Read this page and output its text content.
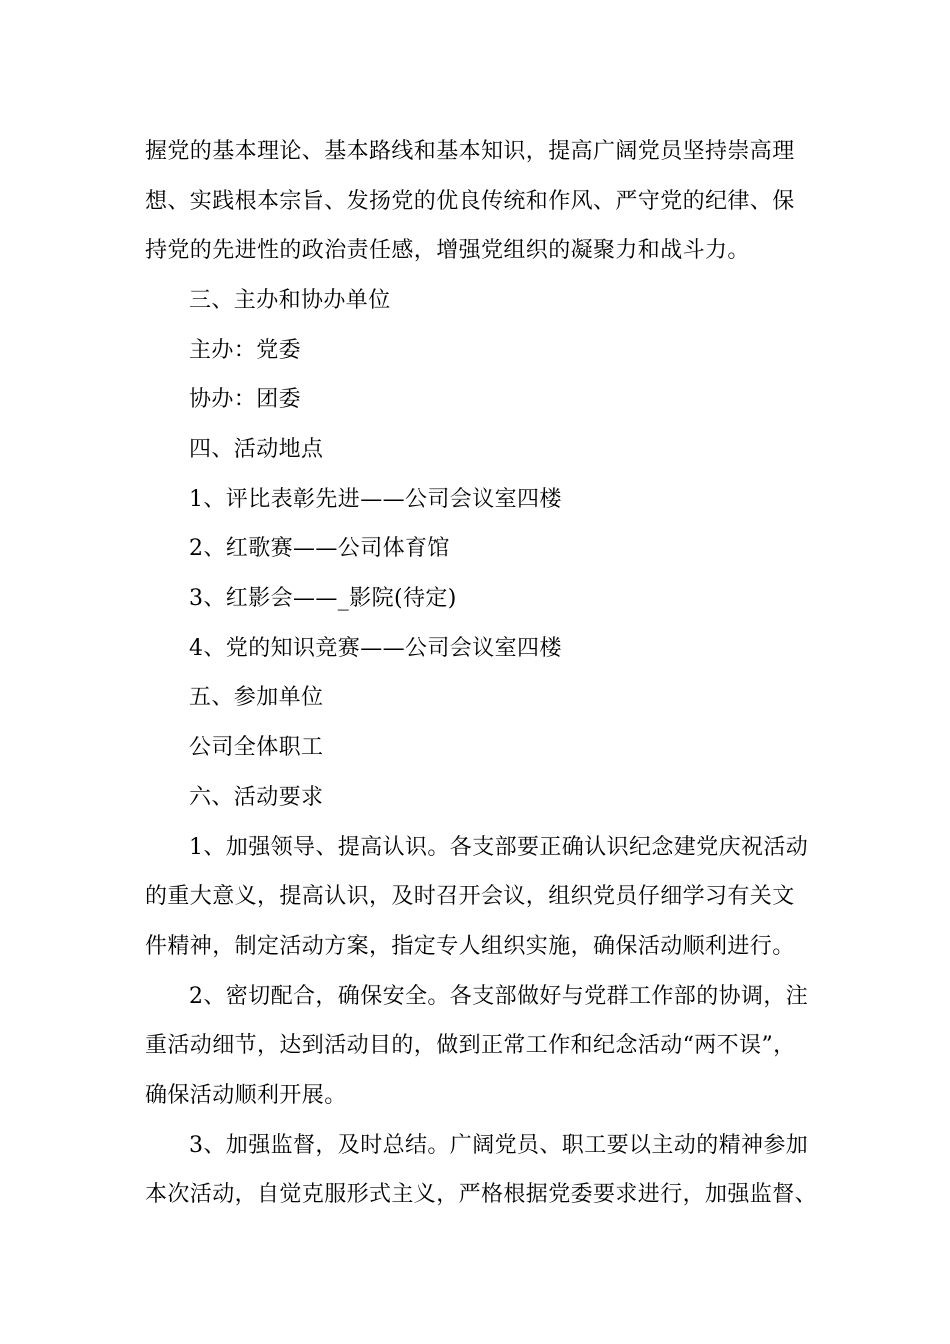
握党的基本理论、基本路线和基本知识，提高广阔党员坚持崇高理
想、实践根本宗旨、发扬党的优良传统和作风、严守党的纪律、保
持党的先进性的政治责任感，增强党组织的凝聚力和战斗力。
三、主办和协办单位
主办：党委
协办：团委
四、活动地点
1、评比表彰先进——公司会议室四楼
2、红歌赛——公司体育馆
3、红影会——_影院(待定)
4、党的知识竞赛——公司会议室四楼
五、参加单位
公司全体职工
六、活动要求
1、加强领导、提高认识。各支部要正确认识纪念建党庆祝活动
的重大意义，提高认识，及时召开会议，组织党员仔细学习有关文
件精神，制定活动方案，指定专人组织实施，确保活动顺利进行。
2、密切配合，确保安全。各支部做好与党群工作部的协调，注
重活动细节，达到活动目的，做到正常工作和纪念活动“两不误”，
确保活动顺利开展。
3、加强监督，及时总结。广阔党员、职工要以主动的精神参加
本次活动，自觉克服形式主义，严格根据党委要求进行，加强监督、
